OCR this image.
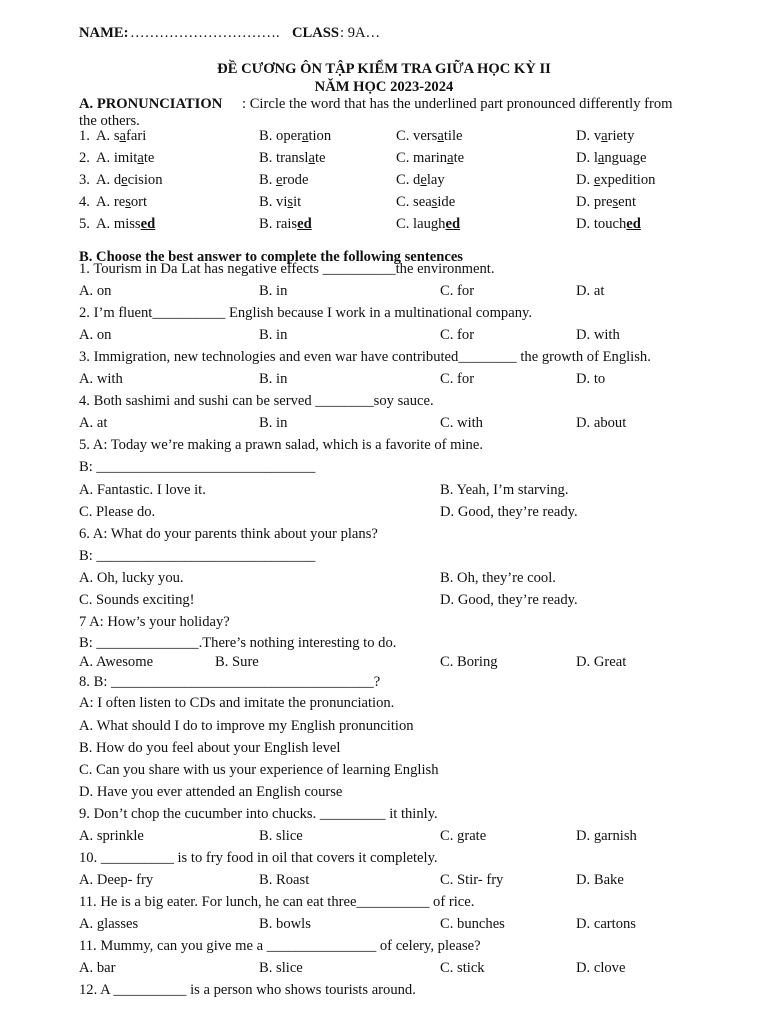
NAME: …………………………. CLASS : 9A…
ĐỀ CƯƠNG ÔN TẬP KIỂM TRA GIỮA HỌC KỲ II
NĂM HỌC 2023-2024
A. PRONUNCIATION : Circle the word that has the underlined part pronounced differently from
the others.
1. A. safari	B. operation	C. versatile	D. variety
2. A. imitate	B. translate	C. marinate	D. language
3. A. decision	B. erode	C. delay	D. expedition
4. A. resort	B. visit	C. seaside	D. present
5. A. missed	B. raised	C. laughed	D. touched
B. Choose the best answer to complete the following sentences
1. Tourism in Da Lat has negative effects __________the environment.
A. on	B. in	C. for	D. at
2. I’m fluent__________ English because I work in a multinational company.
A. on	B. in	C. for	D. with
3. Immigration, new technologies and even war have contributed________ the growth of English.
A. with	B. in	C. for	D. to
4. Both sashimi and sushi can be served ________soy sauce.
A. at	B. in	C. with	D. about
5. A: Today we’re making a prawn salad, which is a favorite of mine.
B: ______________________________
A. Fantastic. I love it.	B. Yeah, I’m starving.
C. Please do.	D. Good, they’re ready.
6. A: What do your parents think about your plans?
B: ______________________________
A. Oh, lucky you.	B. Oh, they’re cool.
C. Sounds exciting!	D. Good, they’re ready.
7 A: How’s your holiday?
B: ______________.There’s nothing interesting to do.
A. Awesome	B. Sure	C. Boring	D. Great
8. B: ____________________________________?
A: I often listen to CDs and imitate the pronunciation.
A. What should I do to improve my English pronuncition
B. How do you feel about your English level
C. Can you share with us your experience of learning English
D. Have you ever attended an English course
9. Don’t chop the cucumber into chucks. _________ it thinly.
A. sprinkle	B. slice	C. grate	D. garnish
10. __________ is to fry food in oil that covers it completely.
A. Deep- fry	B. Roast	C. Stir- fry	D. Bake
11. He is a big eater. For lunch, he can eat three__________ of rice.
A. glasses	B. bowls	C. bunches	D. cartons
11. Mummy, can you give me a _______________ of celery, please?
A. bar	B. slice	C. stick	D. clove
12. A __________ is a person who shows tourists around.
